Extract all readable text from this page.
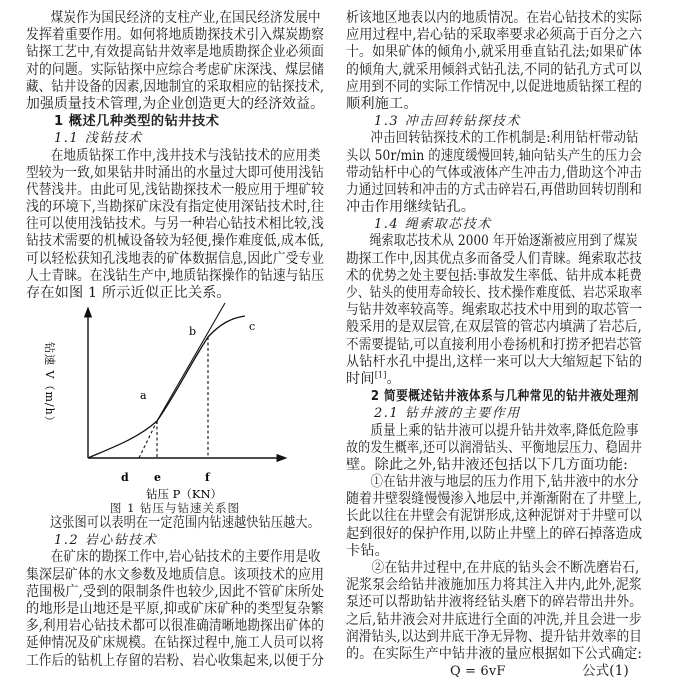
煤炭作为国民经济的支柱产业,在国民经济发展中
发挥着重要作用。如何将地质勘探技术引入煤炭勘察
钻探工艺中,有效提高钻井效率是地质勘探企业必须面
对的问题。实际钻探中应综合考虑矿床深浅、煤层储
藏、钻井设备的因素,因地制宜的采取相应的钻探技术,
加强质量技术管理,为企业创造更大的经济效益。
1 概述几种类型的钻井技术
1.1 浅钻技术
在地质钻探工作中,浅井技术与浅钻技术的应用类
型较为一致,如果钻井时涌出的水量过大即可使用浅钻
代替浅井。由此可见,浅钻勘探技术一般应用于埋矿较
浅的环境下,当勘探矿床没有指定使用深钻技术时,往
往可以使用浅钻技术。与另一种岩心钻技术相比较,浅
钻技术需要的机械设备较为轻便,操作难度低,成本低,
可以轻松获知孔浅地表的矿体数据信息,因此广受专业
人士青睐。在浅钻生产中,地质钻探操作的钻速与钻压
存在如图 1 所示近似正比关系。
a
b	c
d e	f
钻压 P（KN）
钻速 V（m/h）
图 1 钻压与钻速关系图
这张图可以表明在一定范围内钻速越快钻压越大。
1.2 岩心钻技术
在矿床的勘探工作中,岩心钻技术的主要作用是收
集深层矿体的水文参数及地质信息。该项技术的应用
范围极广,受到的限制条件也较少,因此不管矿床所处
的地形是山地还是平原,抑或矿床矿种的类型复杂繁
多,利用岩心钻技术都可以很准确清晰地勘探出矿体的
延伸情况及矿床规模。在钻探过程中,施工人员可以将
工作后的钻机上存留的岩粉、岩心收集起来,以便于分
析该地区地表以内的地质情况。在岩心钻技术的实际
应用过程中,岩心钻的采取率要求必须高于百分之六
十。如果矿体的倾角小,就采用垂直钻孔法;如果矿体
的倾角大,就采用倾斜式钻孔法,不同的钻孔方式可以
应用到不同的实际工作情况中,以促进地质钻探工程的
顺利施工。
1.3 冲击回转钻探技术
冲击回转钻探技术的工作机制是:利用钻杆带动钻
头以 50r/min 的速度缓慢回转,轴向钻头产生的压力会
带动钻杆中心的气体或液体产生冲击力,借助这个冲击
力通过回转和冲击的方式击碎岩石,再借助回转切削和
冲击作用继续钻孔。
1.4 绳索取芯技术
绳索取芯技术从 2000 年开始逐渐被应用到了煤炭
勘探工作中,因其优点多而备受人们青睐。绳索取芯技
术的优势之处主要包括:事故发生率低、钻井成本耗费
少、钻头的使用寿命较长、技术操作难度低、岩芯采取率
与钻井效率较高等。绳索取芯技术中用到的取芯管一
般采用的是双层管,在双层管的管芯内填满了岩芯后,
不需要提钻,可以直接利用小卷扬机和打捞矛把岩芯管
从钻杆水孔中提出,这样一来可以大大缩短起下钻的
时间[1]。
2 简要概述钻井液体系与几种常见的钻井液处理剂
2.1 钻井液的主要作用
质量上乘的钻井液可以提升钻井效率,降低危险事
故的发生概率,还可以润滑钻头、平衡地层压力、稳固井
壁。除此之外,钻井液还包括以下几方面功能:
①在钻井液与地层的压力作用下,钻井液中的水分
随着井壁裂缝慢慢渗入地层中,并渐渐附在了井壁上,
长此以往在井壁会有泥饼形成,这种泥饼对于井壁可以
起到很好的保护作用,以防止井壁上的碎石掉落造成
卡钻。
②在钻井过程中,在井底的钻头会不断冼磨岩石,
泥浆泵会给钻井液施加压力将其注入井内,此外,泥浆
泵还可以帮助钻井液将经钻头磨下的碎岩带出井外。
之后,钻井液会对井底进行全面的冲洗,并且会进一步
润滑钻头,以达到井底干净无异物、提升钻井效率的目
的。在实际生产中钻井液的量应根据如下公式确定:
Q = 6vF	公式(1)
